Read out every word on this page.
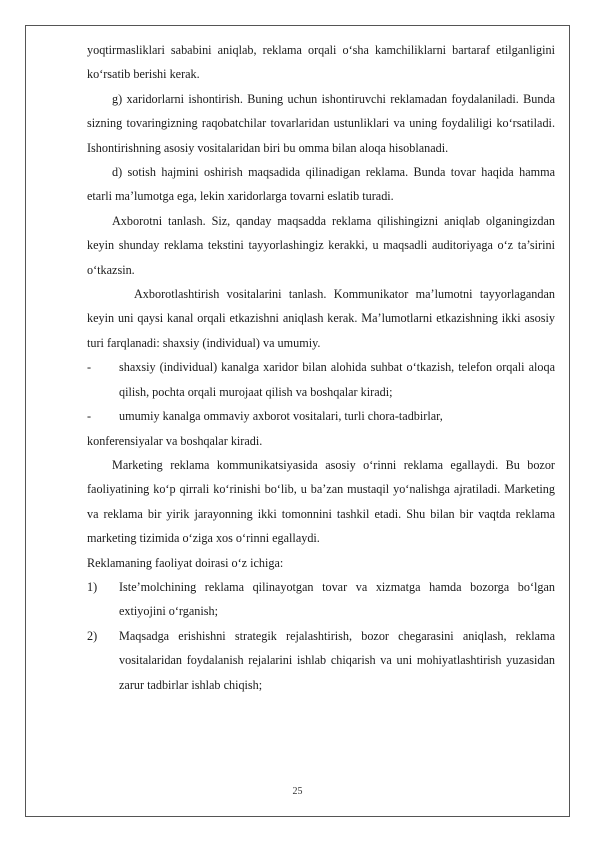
yoqtirmasliklari sababini aniqlab, reklama orqali o‘sha kamchiliklarni bartaraf etilganligini ko‘rsatib berishi kerak.

g) xaridorlarni ishontirish. Buning uchun ishontiruvchi reklamadan foydalaniladi. Bunda sizning tovaringizning raqobatchilar tovarlaridan ustunliklari va uning foydaliligi ko‘rsatiladi. Ishontirishning asosiy vositalaridan biri bu omma bilan aloqa hisoblanadi.

d) sotish hajmini oshirish maqsadida qilinadigan reklama. Bunda tovar haqida hamma etarli ma’lumotga ega, lekin xaridorlarga tovarni eslatib turadi.

Axborotni tanlash. Siz, qanday maqsadda reklama qilishingizni aniqlab olganingizdan keyin shunday reklama tekstini tayyorlashingiz kerakki, u maqsadli auditoriyaga o‘z ta’sirini o‘tkazsin.

Axborotlashtirish vositalarini tanlash. Kommunikator ma’lumotni tayyorlagandan keyin uni qaysi kanal orqali etkazishni aniqlash kerak. Ma’lumotlarni etkazishning ikki asosiy turi farqlanadi: shaxsiy (individual) va umumiy.

-	shaxsiy (individual) kanalga xaridor bilan alohida suhbat o‘tkazish, telefon orqali aloqa qilish, pochta orqali murojaat qilish va boshqalar kiradi;
-	umumiy kanalga ommaviy axborot vositalari, turli chora-tadbirlar,

konferensiyalar va boshqalar kiradi.

Marketing reklama kommunikatsiyasida asosiy o‘rinni reklama egallaydi. Bu bozor faoliyatining ko‘p qirrali ko‘rinishi bo‘lib, u ba’zan mustaqil yo‘nalishga ajratiladi. Marketing va reklama bir yirik jarayonning ikki tomonnini tashkil etadi. Shu bilan bir vaqtda reklama marketing tizimida o‘ziga xos o‘rinni egallaydi.

Reklamaning faoliyat doirasi o‘z ichiga:

1)	Iste’molchining reklama qilinayotgan tovar va xizmatga hamda bozorga bo‘lgan extiyojini o‘rganish;
2)	Maqsadga erishishni strategik rejalashtirish, bozor chegarasini aniqlash, reklama vositalaridan foydalanish rejalarini ishlab chiqarish va uni mohiyatlashtirish yuzasidan zarur tadbirlar ishlab chiqish;
25
